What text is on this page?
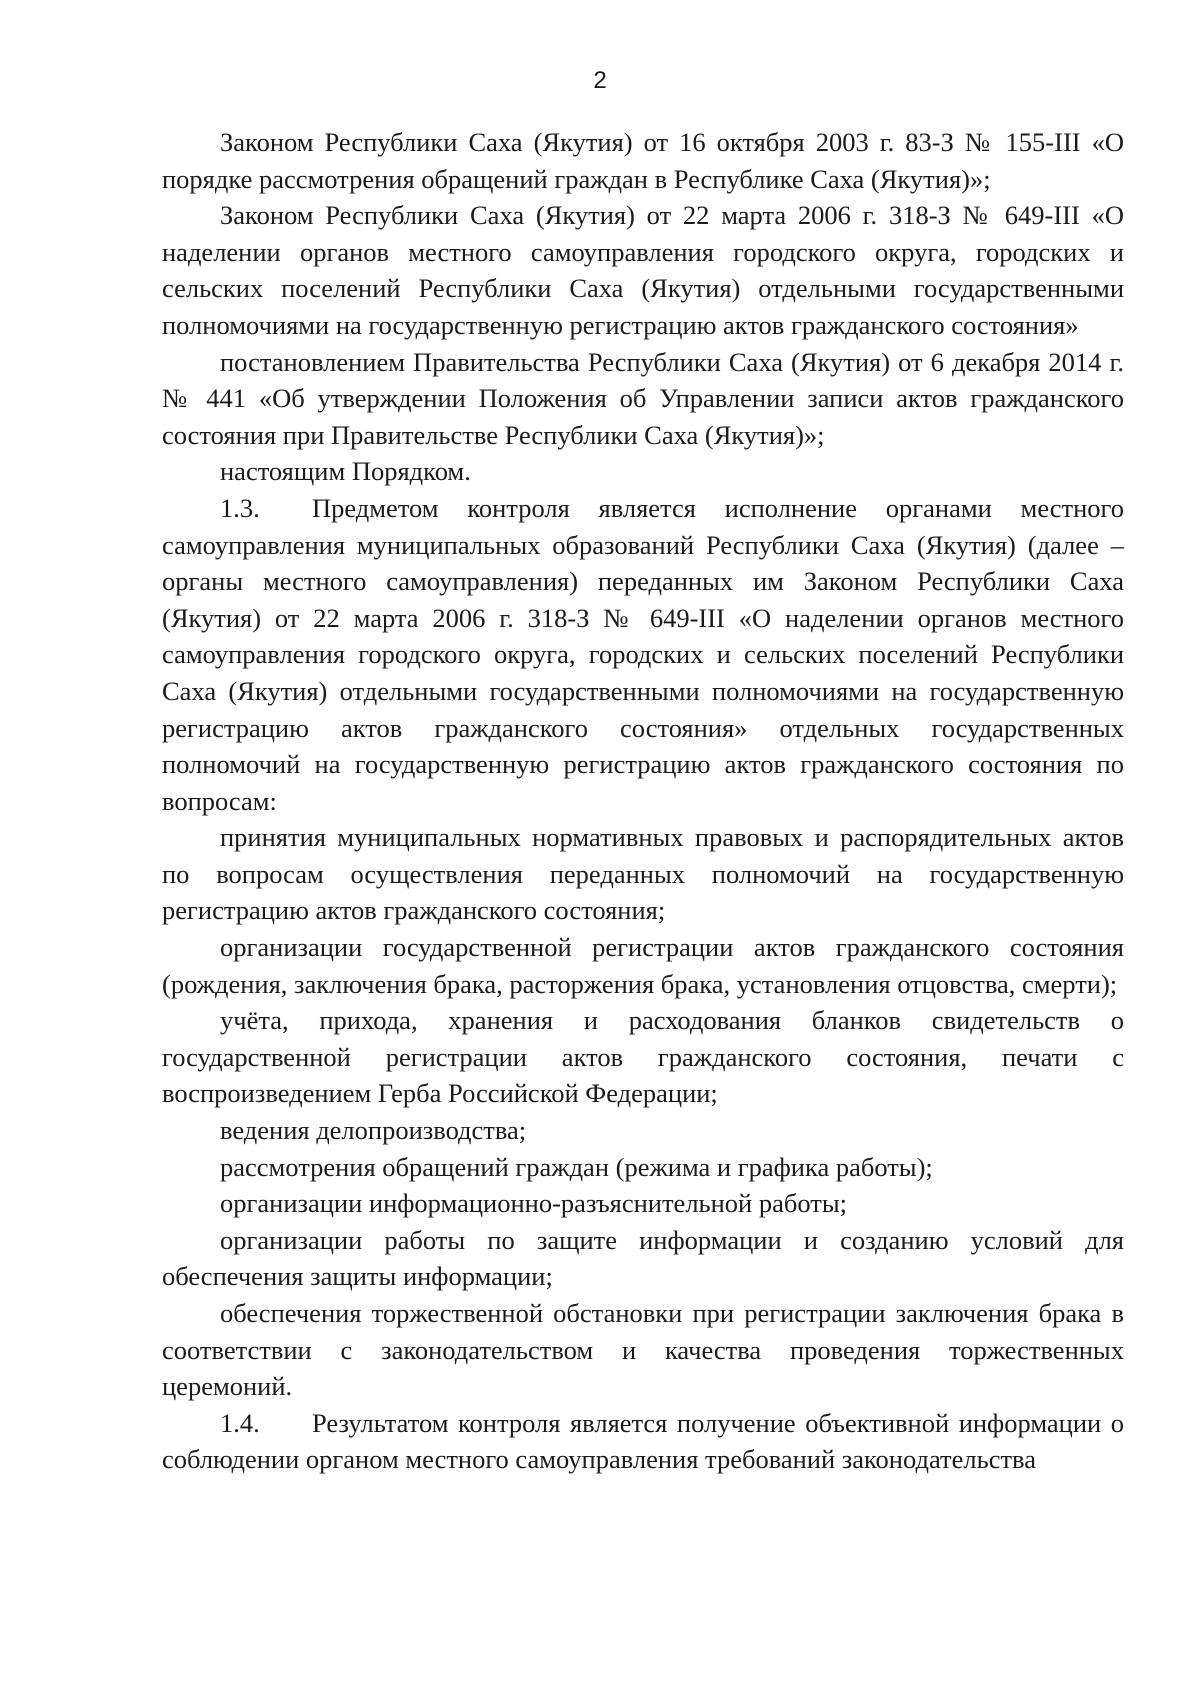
2

Законом Республики Саха (Якутия) от 16 октября 2003 г. 83-З № 155-III «О порядке рассмотрения обращений граждан в Республике Саха (Якутия)»;

Законом Республики Саха (Якутия) от 22 марта 2006 г. 318-З № 649-III «О наделении органов местного самоуправления городского округа, городских и сельских поселений Республики Саха (Якутия) отдельными государственными полномочиями на государственную регистрацию актов гражданского состояния»

постановлением Правительства Республики Саха (Якутия) от 6 декабря 2014 г. № 441 «Об утверждении Положения об Управлении записи актов гражданского состояния при Правительстве Республики Саха (Якутия)»;

настоящим Порядком.

1.3. Предметом контроля является исполнение органами местного самоуправления муниципальных образований Республики Саха (Якутия) (далее – органы местного самоуправления) переданных им Законом Республики Саха (Якутия) от 22 марта 2006 г. 318-З № 649-III «О наделении органов местного самоуправления городского округа, городских и сельских поселений Республики Саха (Якутия) отдельными государственными полномочиями на государственную регистрацию актов гражданского состояния» отдельных государственных полномочий на государственную регистрацию актов гражданского состояния по вопросам:

принятия муниципальных нормативных правовых и распорядительных актов по вопросам осуществления переданных полномочий на государственную регистрацию актов гражданского состояния;

организации государственной регистрации актов гражданского состояния (рождения, заключения брака, расторжения брака, установления отцовства, смерти);

учёта, прихода, хранения и расходования бланков свидетельств о государственной регистрации актов гражданского состояния, печати с воспроизведением Герба Российской Федерации;

ведения делопроизводства;

рассмотрения обращений граждан (режима и графика работы);

организации информационно-разъяснительной работы;

организации работы по защите информации и созданию условий для обеспечения защиты информации;

обеспечения торжественной обстановки при регистрации заключения брака в соответствии с законодательством и качества проведения торжественных церемоний.

1.4. Результатом контроля является получение объективной информации о соблюдении органом местного самоуправления требований законодательства
